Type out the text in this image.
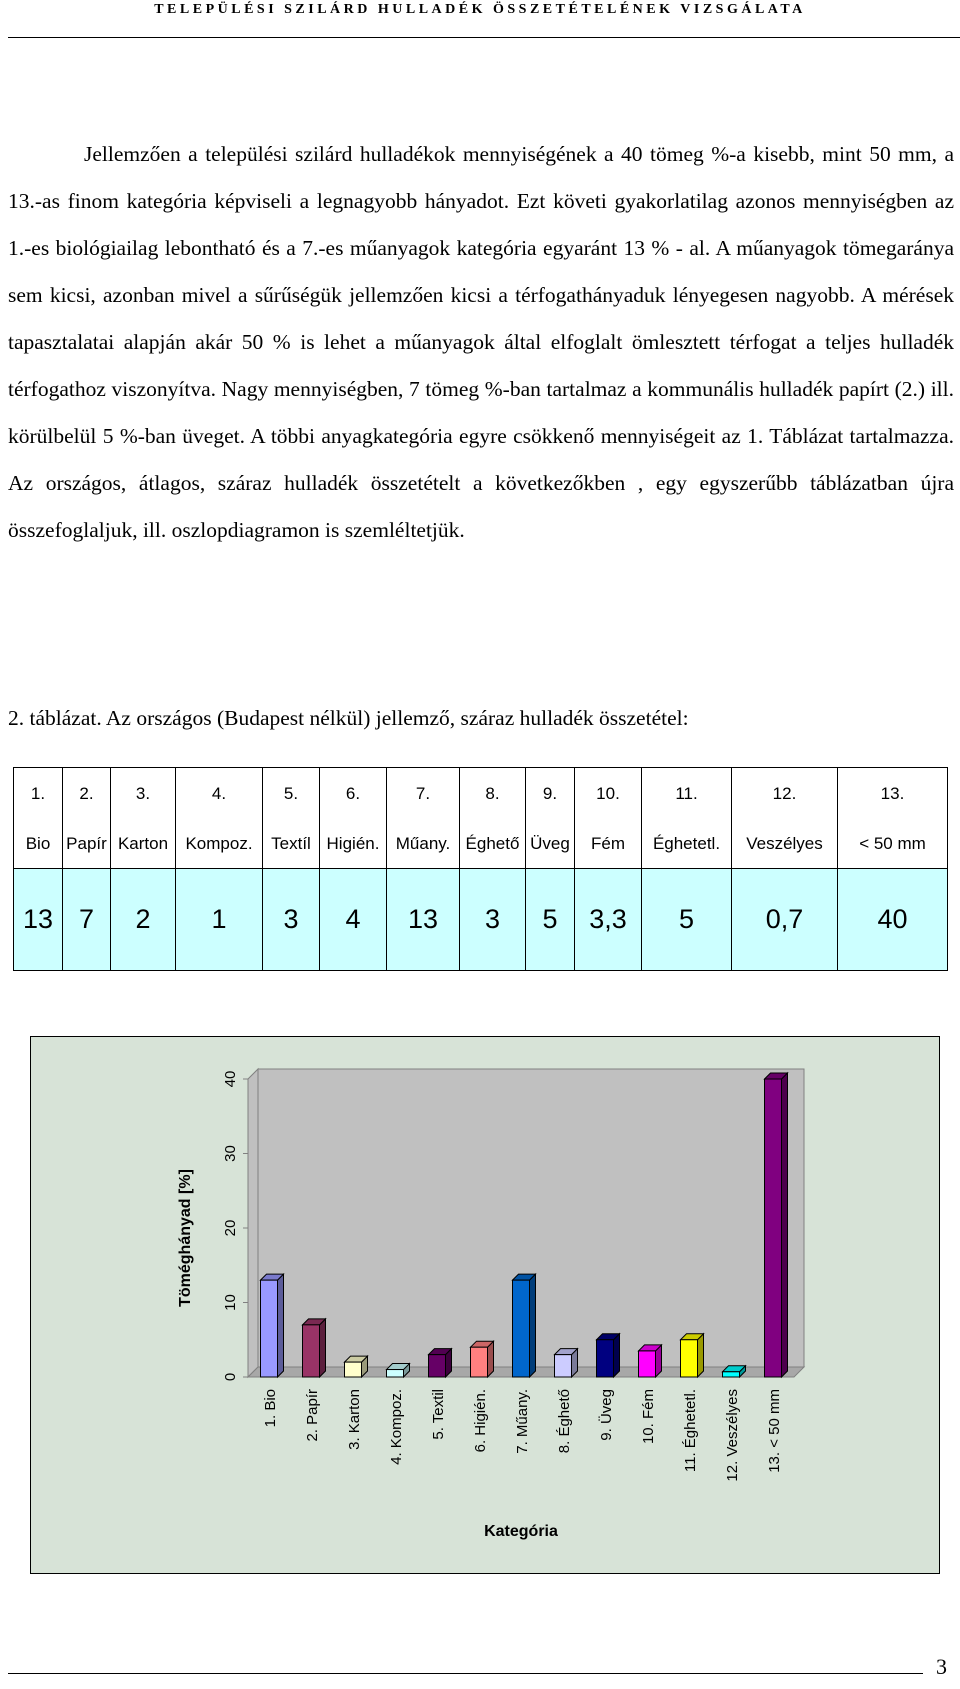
TELEPÜLÉSI SZILÁRD HULLADÉK ÖSSZETÉTELÉNEK VIZSGÁLATA

Jellemzően a települési szilárd hulladékok mennyiségének a 40 tömeg %-a kisebb, mint 50 mm, a 13.-as finom kategória képviseli a legnagyobb hányadot. Ezt követi gyakorlatilag azonos mennyiségben az 1.-es biológiailag lebontható és a 7.-es műanyagok kategória egyaránt 13 % - al. A műanyagok tömegaránya sem kicsi, azonban mivel a sűrűségük jellemzően kicsi a térfogathányaduk lényegesen nagyobb. A mérések tapasztalatai alapján akár 50 % is lehet a műanyagok által elfoglalt ömlesztett térfogat a teljes hulladék térfogathoz viszonyítva. Nagy mennyiségben, 7 tömeg %-ban tartalmaz a kommunális hulladék papírt (2.) ill. körülbelül 5 %-ban üveget. A többi anyagkategória egyre csökkenő mennyiségeit az 1. Táblázat tartalmazza. Az országos, átlagos, száraz hulladék összetételt a következőkben , egy egyszerűbb táblázatban újra összefoglaljuk, ill. oszlopdiagramon is szemléltetjük.

2. táblázat. Az országos (Budapest nélkül) jellemző, száraz hulladék összetétel:

1.	2.	3.	4.	5.	6.	7.	8.	9.	10.	11.	12.	13.
Bio	Papír	Karton	Kompoz.	Textíl	Higién.	Műany.	Éghető	Üveg	Fém	Éghetetl.	Veszélyes	< 50 mm
13	7	2	1	3	4	13	3	5	3,3	5	0,7	40
0
10
20
30
40
Töméghányad [%]
1. Bio 2. Papír 3. Karton 4. Kompoz. 5. Textil 6. Higién. 7. Műany. 8. Éghető 9. Üveg 10. Fém 11. Éghetetl. 12. Veszélyes 13. < 50 mm
Kategória
3
